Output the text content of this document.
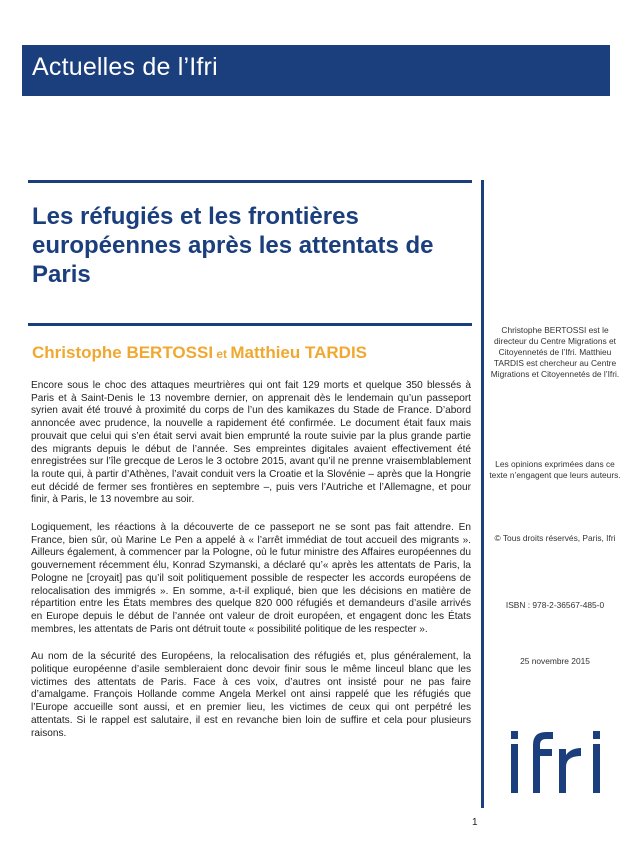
Actuelles de l’Ifri
Les réfugiés et les frontières européennes après les attentats de Paris
Christophe BERTOSSI et Matthieu TARDIS

Encore sous le choc des attaques meurtrières qui ont fait 129 morts et quelque 350 blessés à Paris et à Saint-Denis le 13 novembre dernier, on apprenait dès le lendemain qu’un passeport syrien avait été trouvé à proximité du corps de l’un des kamikazes du Stade de France. D’abord annoncée avec prudence, la nouvelle a rapidement été confirmée. Le document était faux mais prouvait que celui qui s’en était servi avait bien emprunté la route suivie par la plus grande partie des migrants depuis le début de l’année. Ses empreintes digitales avaient effectivement été enregistrées sur l’île grecque de Leros le 3 octobre 2015, avant qu’il ne prenne vraisemblablement la route qui, à partir d’Athènes, l’avait conduit vers la Croatie et la Slovénie – après que la Hongrie eut décidé de fermer ses frontières en septembre –, puis vers l’Autriche et l’Allemagne, et pour finir, à Paris, le 13 novembre au soir.

Logiquement, les réactions à la découverte de ce passeport ne se sont pas fait attendre. En France, bien sûr, où Marine Le Pen a appelé à « l’arrêt immédiat de tout accueil des migrants ». Ailleurs également, à commencer par la Pologne, où le futur ministre des Affaires européennes du gouvernement récemment élu, Konrad Szymanski, a déclaré qu’« après les attentats de Paris, la Pologne ne [croyait] pas qu’il soit politiquement possible de respecter les accords européens de relocalisation des immigrés ». En somme, a-t-il expliqué, bien que les décisions en matière de répartition entre les États membres des quelque 820 000 réfugiés et demandeurs d’asile arrivés en Europe depuis le début de l’année ont valeur de droit européen, et engagent donc les États membres, les attentats de Paris ont détruit toute « possibilité politique de les respecter ».

Au nom de la sécurité des Européens, la relocalisation des réfugiés et, plus généralement, la politique européenne d’asile sembleraient donc devoir finir sous le même linceul blanc que les victimes des attentats de Paris. Face à ces voix, d’autres ont insisté pour ne pas faire d’amalgame. François Hollande comme Angela Merkel ont ainsi rappelé que les réfugiés que l’Europe accueille sont aussi, et en premier lieu, les victimes de ceux qui ont perpétré les attentats. Si le rappel est salutaire, il est en revanche bien loin de suffire et cela pour plusieurs raisons.

Christophe BERTOSSI est le directeur du Centre Migrations et Citoyennetés de l’Ifri. Matthieu TARDIS est chercheur au Centre Migrations et Citoyennetés de l’Ifri.
Les opinions exprimées dans ce texte n’engagent que leurs auteurs.
© Tous droits réservés, Paris, Ifri
ISBN : 978-2-36567-485-0
25 novembre 2015
1
